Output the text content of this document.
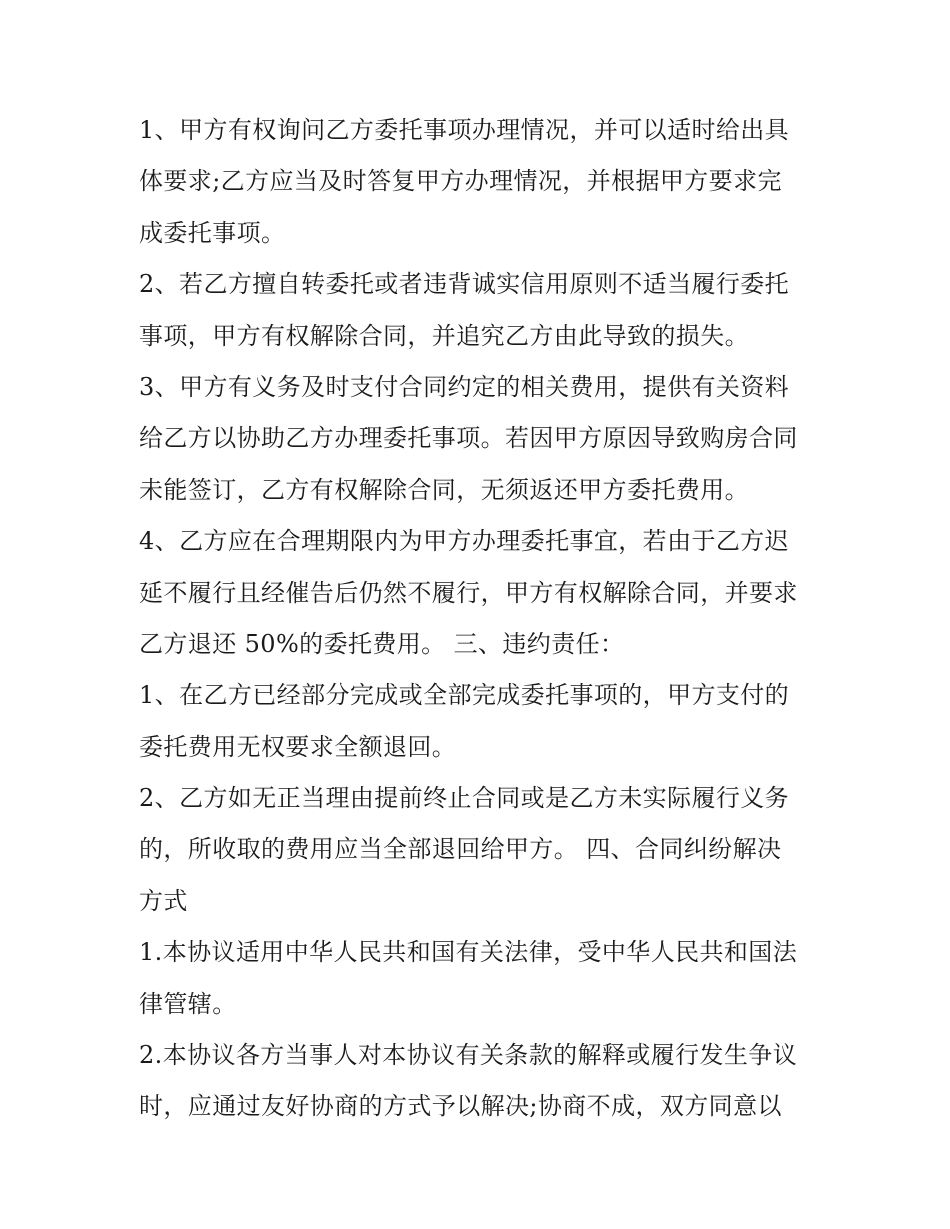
1、甲方有权询问乙方委托事项办理情况，并可以适时给出具
体要求;乙方应当及时答复甲方办理情况，并根据甲方要求完
成委托事项。
2、若乙方擅自转委托或者违背诚实信用原则不适当履行委托
事项，甲方有权解除合同，并追究乙方由此导致的损失。
3、甲方有义务及时支付合同约定的相关费用，提供有关资料
给乙方以协助乙方办理委托事项。若因甲方原因导致购房合同
未能签订，乙方有权解除合同，无须返还甲方委托费用。
4、乙方应在合理期限内为甲方办理委托事宜，若由于乙方迟
延不履行且经催告后仍然不履行，甲方有权解除合同，并要求
乙方退还 50%的委托费用。 三、违约责任：
1、在乙方已经部分完成或全部完成委托事项的，甲方支付的
委托费用无权要求全额退回。
2、乙方如无正当理由提前终止合同或是乙方未实际履行义务
的，所收取的费用应当全部退回给甲方。 四、合同纠纷解决
方式
1.本协议适用中华人民共和国有关法律，受中华人民共和国法
律管辖。
2.本协议各方当事人对本协议有关条款的解释或履行发生争议
时，应通过友好协商的方式予以解决;协商不成，双方同意以
